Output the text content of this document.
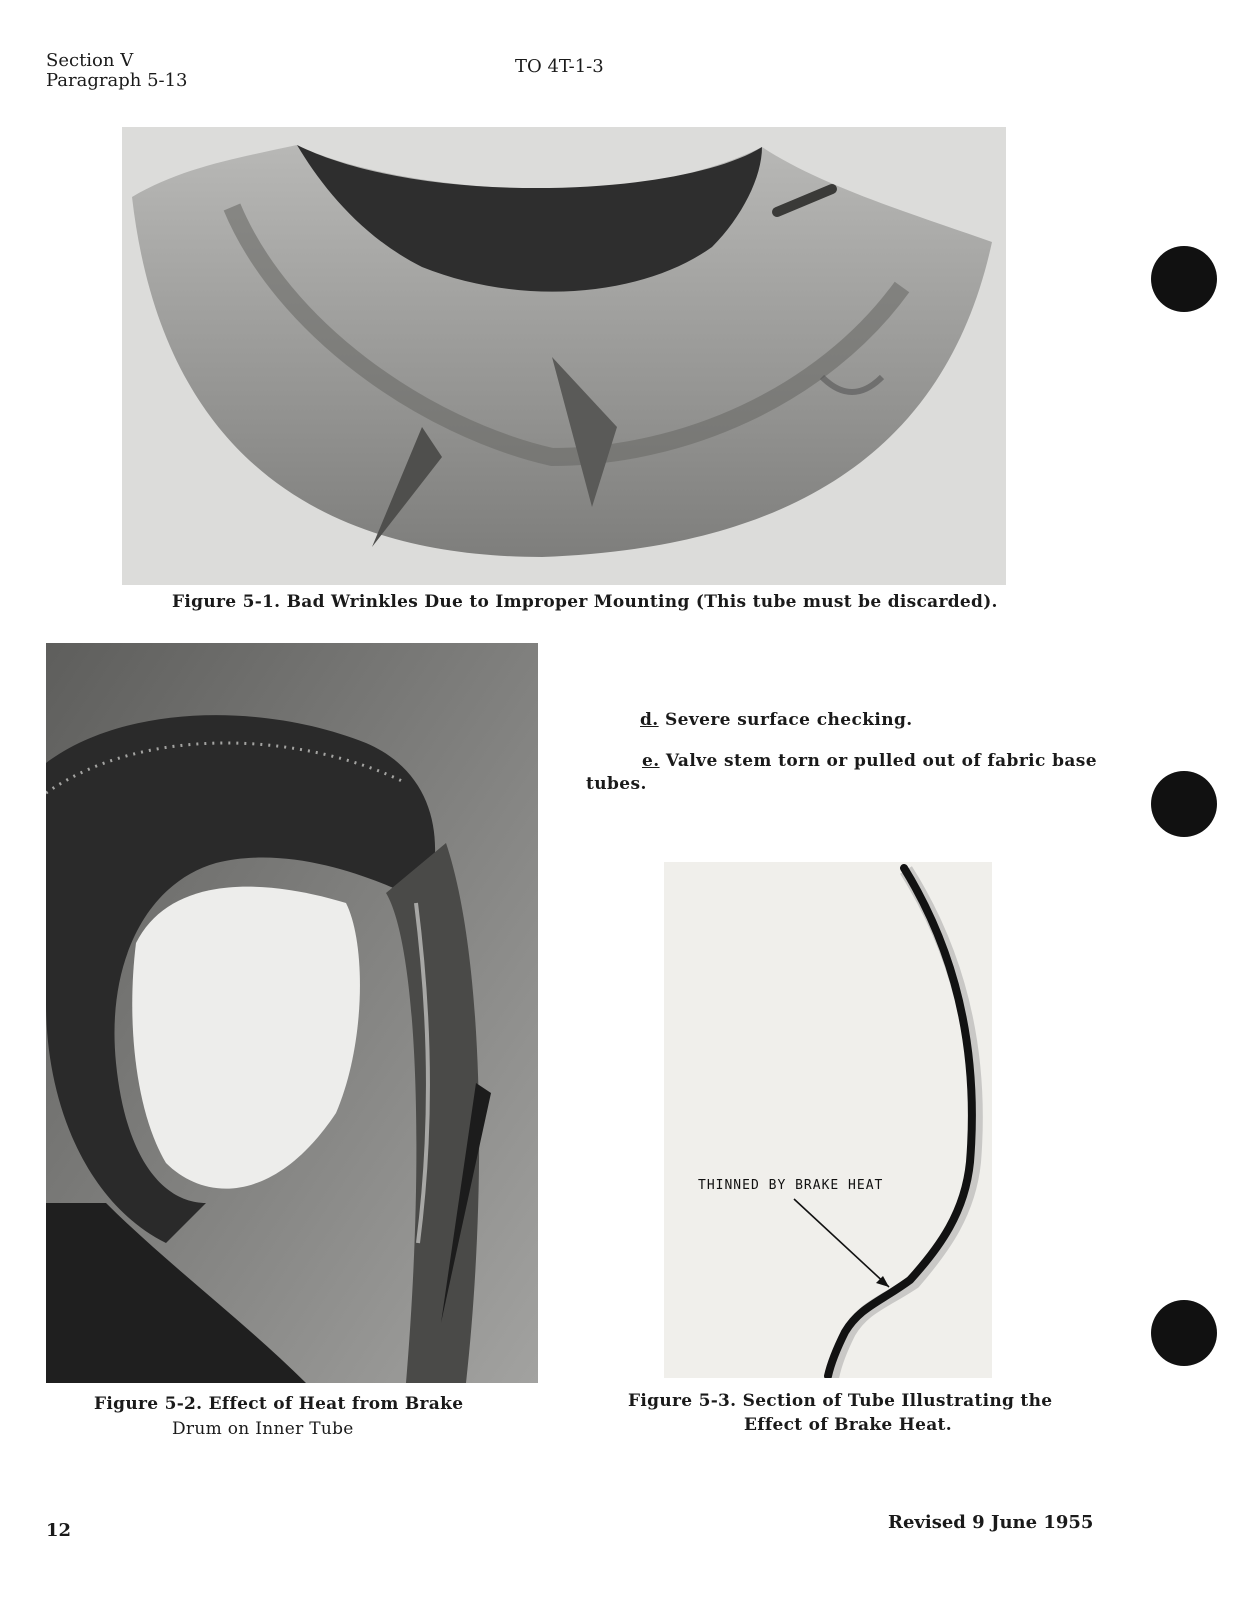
Section V
Paragraph 5-13
TO 4T-1-3
Figure 5-1. Bad Wrinkles Due to Improper Mounting (This tube must be discarded).
Figure 5-2. Effect of Heat from Brake
Drum on Inner Tube
d. Severe surface checking.
e. Valve stem torn or pulled out of fabric base
tubes.
THINNED BY BRAKE HEAT
Figure 5-3. Section of Tube Illustrating the
Effect of Brake Heat.
12	Revised 9 June 1955
